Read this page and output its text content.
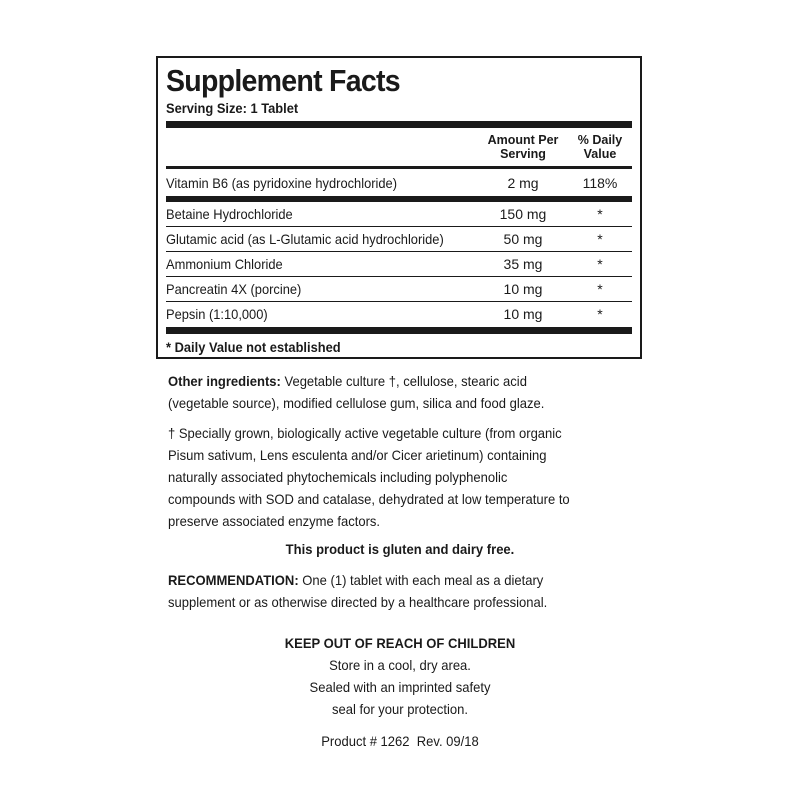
Supplement Facts
Serving Size: 1 Tablet
Amount Per
Serving
% Daily
Value
Vitamin B6 (as pyridoxine hydrochloride)	2 mg	118%
Betaine Hydrochloride	150 mg	*
Glutamic acid (as L-Glutamic acid hydrochloride)	50 mg	*
Ammonium Chloride	35 mg	*
Pancreatin 4X (porcine)	10 mg	*
Pepsin (1:10,000)	10 mg	*
* Daily Value not established
Other ingredients: Vegetable culture †, cellulose, stearic acid
(vegetable source), modified cellulose gum, silica and food glaze.
† Specially grown, biologically active vegetable culture (from organic
Pisum sativum, Lens esculenta and/or Cicer arietinum) containing
naturally associated phytochemicals including polyphenolic
compounds with SOD and catalase, dehydrated at low temperature to
preserve associated enzyme factors.
This product is gluten and dairy free.
RECOMMENDATION: One (1) tablet with each meal as a dietary
supplement or as otherwise directed by a healthcare professional.
KEEP OUT OF REACH OF CHILDREN
Store in a cool, dry area.
Sealed with an imprinted safety
seal for your protection.
Product # 1262  Rev. 09/18
